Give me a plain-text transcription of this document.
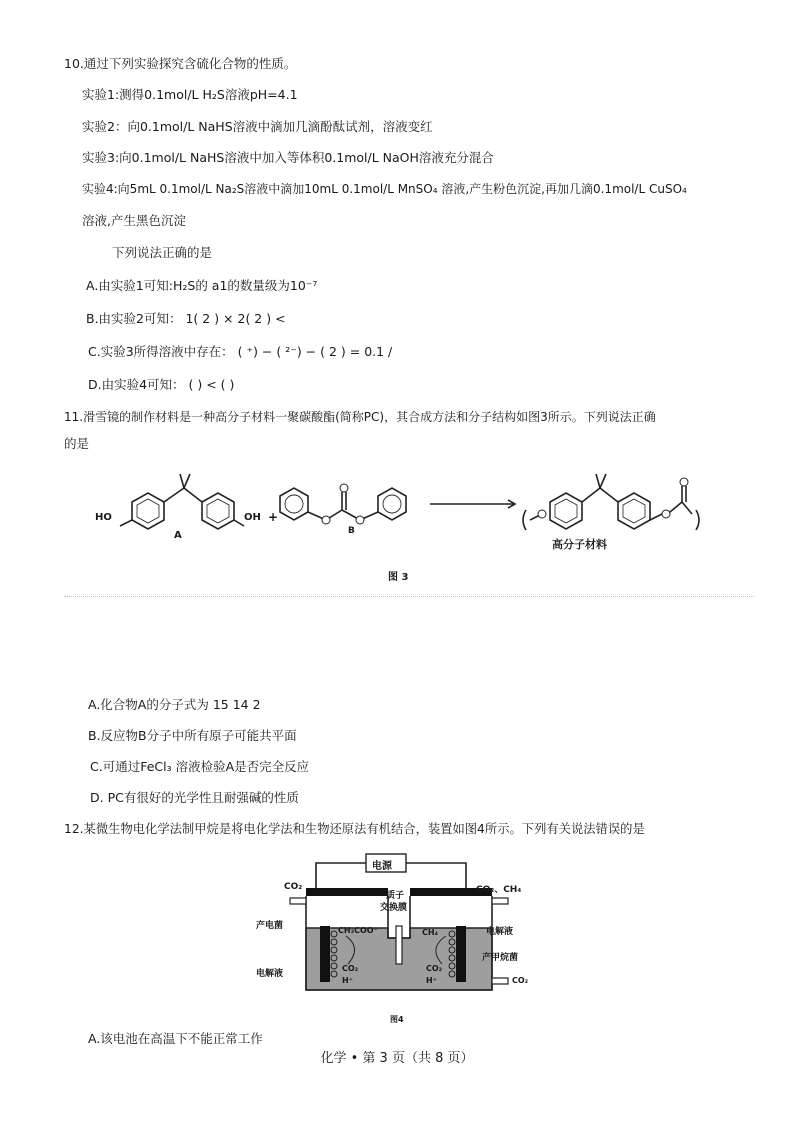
10.通过下列实验探究含硫化合物的性质。
实验1:测得0.1mol/L H₂S溶液pH=4.1
实验2：向0.1mol/L NaHS溶液中滴加几滴酚酞试剂，溶液变红
实验3:向0.1mol/L NaHS溶液中加入等体积0.1mol/L NaOH溶液充分混合
实验4:向5mL 0.1mol/L Na₂S溶液中滴加10mL 0.1mol/L MnSO₄ 溶液,产生粉色沉淀,再加几滴0.1mol/L CuSO₄
溶液,产生黑色沉淀
下列说法正确的是
A.由实验1可知:H₂S的 a1的数量级为10⁻⁷
B.由实验2可知： 1( 2 ) × 2( 2 ) <
C.实验3所得溶液中存在： ( ⁺) − ( ²⁻) − ( 2 ) = 0.1 /
D.由实验4可知： ( ) < ( )
11.滑雪镜的制作材料是一种高分子材料一聚碳酸酯(简称PC)，其合成方法和分子结构如图3所示。下列说法正确
的是
HO	OH +
A	B
高分子材料
图 3
A.化合物A的分子式为 15 14 2
B.反应物B分子中所有原子可能共平面
C.可通过FeCl₃ 溶液检验A是否完全反应
D. PC有很好的光学性且耐强碱的性质
12.某微生物电化学法制甲烷是将电化学法和生物还原法有机结合，装置如图4所示。下列有关说法错误的是
电源
CO₂	CO₂、CH₄
质子
交换膜
产电菌
电解液
电解液
产甲烷菌
CH₃COO⁻
CO₂
H⁺
CH₄
CO₂
H⁺	CO₂
图4
A.该电池在高温下不能正常工作
化学 • 第 3 页（共 8 页）
